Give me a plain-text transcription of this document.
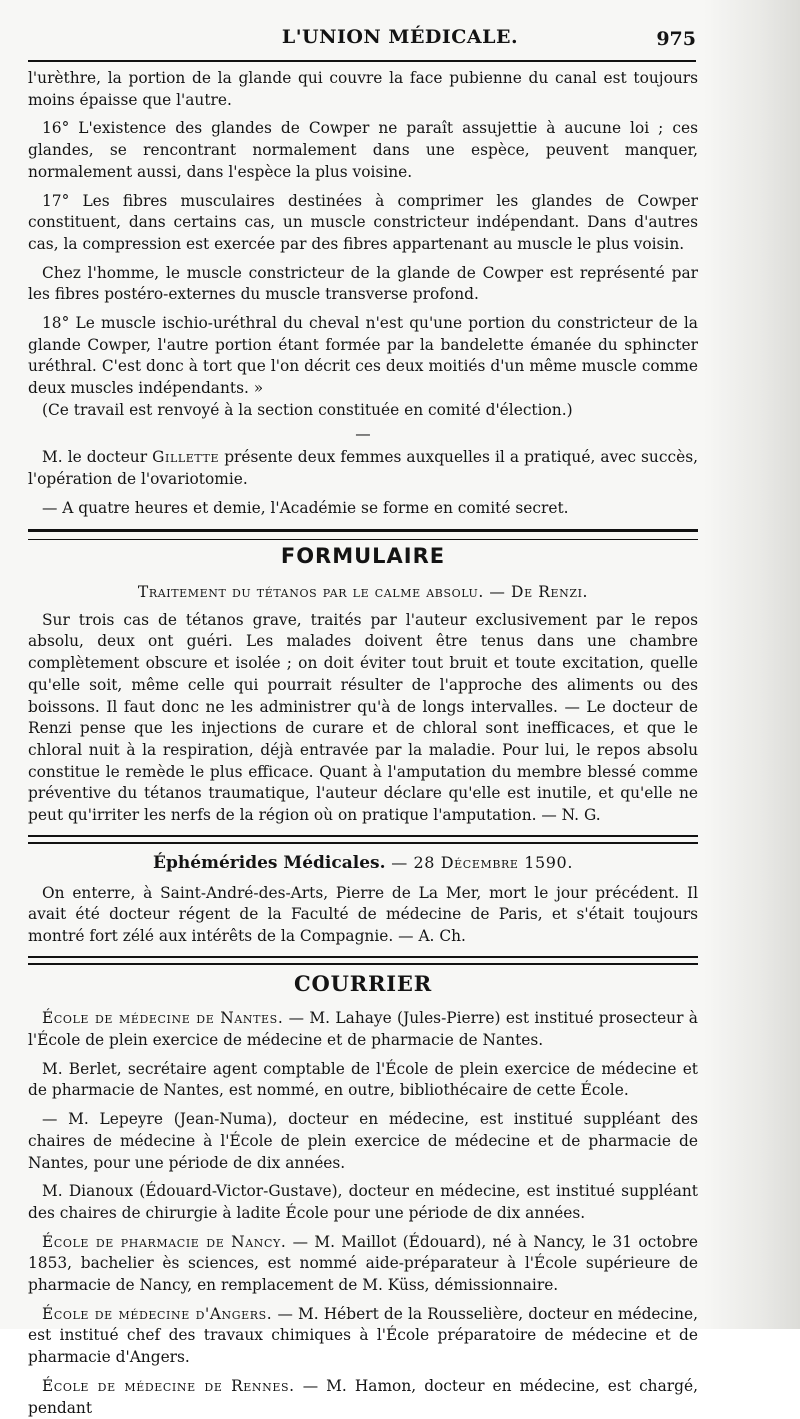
L'UNION MÉDICALE.	975

l'urèthre, la portion de la glande qui couvre la face pubienne du canal est toujours moins épaisse que l'autre.

16° L'existence des glandes de Cowper ne paraît assujettie à aucune loi ; ces glandes, se rencontrant normalement dans une espèce, peuvent manquer, normalement aussi, dans l'espèce la plus voisine.

17° Les fibres musculaires destinées à comprimer les glandes de Cowper constituent, dans certains cas, un muscle constricteur indépendant. Dans d'autres cas, la compression est exercée par des fibres appartenant au muscle le plus voisin.

Chez l'homme, le muscle constricteur de la glande de Cowper est représenté par les fibres postéro-externes du muscle transverse profond.

18° Le muscle ischio-uréthral du cheval n'est qu'une portion du constricteur de la glande Cowper, l'autre portion étant formée par la bandelette émanée du sphincter uréthral. C'est donc à tort que l'on décrit ces deux moitiés d'un même muscle comme deux muscles indépendants. »

(Ce travail est renvoyé à la section constituée en comité d'élection.)

—

M. le docteur Gillette présente deux femmes auxquelles il a pratiqué, avec succès, l'opération de l'ovariotomie.

— A quatre heures et demie, l'Académie se forme en comité secret.

FORMULAIRE

Traitement du tétanos par le calme absolu. — De Renzi.

Sur trois cas de tétanos grave, traités par l'auteur exclusivement par le repos absolu, deux ont guéri. Les malades doivent être tenus dans une chambre complètement obscure et isolée ; on doit éviter tout bruit et toute excitation, quelle qu'elle soit, même celle qui pourrait résulter de l'approche des aliments ou des boissons. Il faut donc ne les administrer qu'à de longs intervalles. — Le docteur de Renzi pense que les injections de curare et de chloral sont inefficaces, et que le chloral nuit à la respiration, déjà entravée par la maladie. Pour lui, le repos absolu constitue le remède le plus efficace. Quant à l'amputation du membre blessé comme préventive du tétanos traumatique, l'auteur déclare qu'elle est inutile, et qu'elle ne peut qu'irriter les nerfs de la région où on pratique l'amputation. — N. G.

Éphémérides Médicales. — 28 Décembre 1590.

On enterre, à Saint-André-des-Arts, Pierre de La Mer, mort le jour précédent. Il avait été docteur régent de la Faculté de médecine de Paris, et s'était toujours montré fort zélé aux intérêts de la Compagnie. — A. Ch.

COURRIER

École de médecine de Nantes. — M. Lahaye (Jules-Pierre) est institué prosecteur à l'École de plein exercice de médecine et de pharmacie de Nantes.

M. Berlet, secrétaire agent comptable de l'École de plein exercice de médecine et de pharmacie de Nantes, est nommé, en outre, bibliothécaire de cette École.

— M. Lepeyre (Jean-Numa), docteur en médecine, est institué suppléant des chaires de médecine à l'École de plein exercice de médecine et de pharmacie de Nantes, pour une période de dix années.

M. Dianoux (Édouard-Victor-Gustave), docteur en médecine, est institué suppléant des chaires de chirurgie à ladite École pour une période de dix années.

École de pharmacie de Nancy. — M. Maillot (Édouard), né à Nancy, le 31 octobre 1853, bachelier ès sciences, est nommé aide-préparateur à l'École supérieure de pharmacie de Nancy, en remplacement de M. Küss, démissionnaire.

École de médecine d'Angers. — M. Hébert de la Rousselière, docteur en médecine, est institué chef des travaux chimiques à l'École préparatoire de médecine et de pharmacie d'Angers.

École de médecine de Rennes. — M. Hamon, docteur en médecine, est chargé, pendant
